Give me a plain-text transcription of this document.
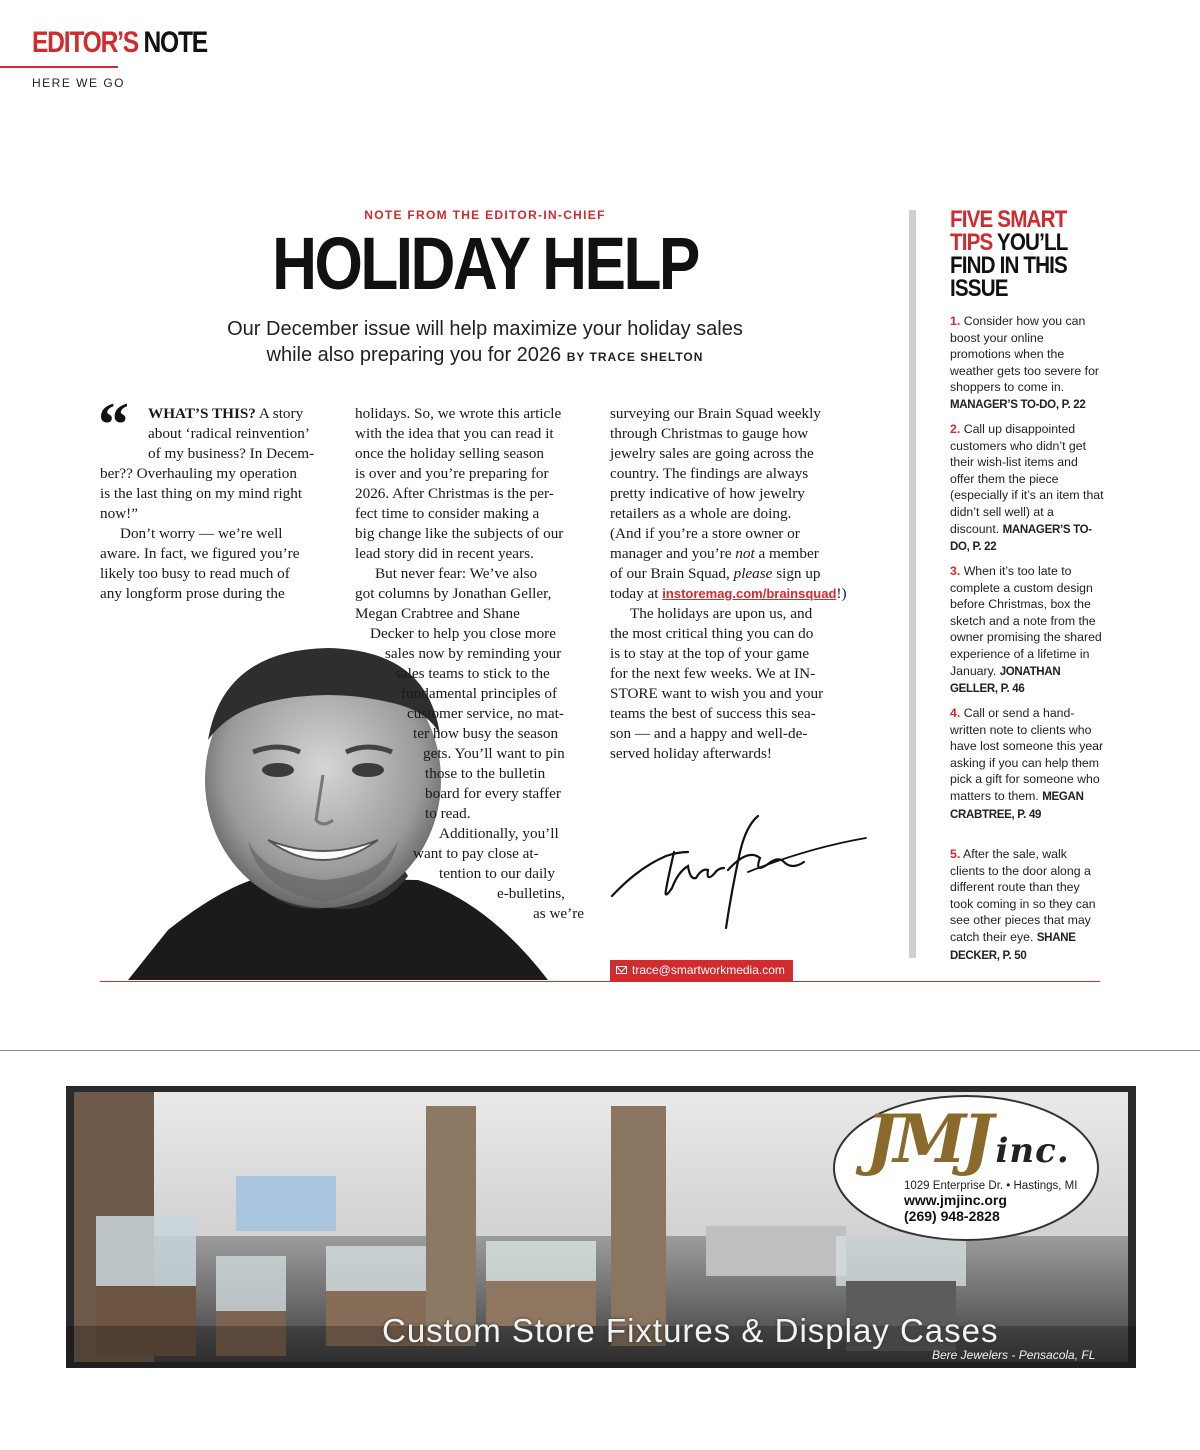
EDITOR’S NOTE
HERE WE GO
NOTE FROM THE EDITOR-IN-CHIEF
HOLIDAY HELP
Our December issue will help maximize your holiday sales
while also preparing you for 2026 BY TRACE SHELTON
“	WHAT’S THIS? A story

about ‘radical reinvention’

of my business? In Decem-

ber?? Overhauling my operation

is the last thing on my mind right

now!”

Don’t worry — we’re well

aware. In fact, we figured you’re

likely too busy to read much of

any longform prose during the

holidays. So, we wrote this article

with the idea that you can read it

once the holiday selling season

is over and you’re preparing for

2026. After Christmas is the per-

fect time to consider making a

big change like the subjects of our

lead story did in recent years.

But never fear: We’ve also

got columns by Jonathan Geller,

Megan Crabtree and Shane

Decker to help you close more

sales now by reminding your

sales teams to stick to the

fundamental principles of

customer service, no mat-

ter how busy the season

gets. You’ll want to pin

those to the bulletin

board for every staffer

to read.

Additionally, you’ll

want to pay close at-

tention to our daily

e-bulletins,

as we’re

surveying our Brain Squad weekly

through Christmas to gauge how

jewelry sales are going across the

country. The findings are always

pretty indicative of how jewelry

retailers as a whole are doing.

(And if you’re a store owner or

manager and you’re not a member

of our Brain Squad, please sign up

today at instoremag.com/brainsquad!)

The holidays are upon us, and

the most critical thing you can do

is to stay at the top of your game

for the next few weeks. We at IN-

STORE want to wish you and your

teams the best of success this sea-

son — and a happy and well-de-

served holiday afterwards!

trace@smartworkmedia.com
FIVE SMART TIPS YOU’LL FIND IN THIS ISSUE
1. Consider how you can boost your online promotions when the weather gets too severe for shoppers to come in. MANAGER’S TO-DO, P. 22
2. Call up disappointed customers who didn’t get their wish-list items and offer them the piece (especially if it’s an item that didn’t sell well) at a discount. MANAGER’S TO-DO, P. 22
3. When it’s too late to complete a custom design before Christmas, box the sketch and a note from the owner promising the shared experience of a lifetime in January. JONATHAN GELLER, P. 46
4. Call or send a hand-written note to clients who have lost someone this year asking if you can help them pick a gift for someone who matters to them. MEGAN CRABTREE, P. 49
5. After the sale, walk clients to the door along a different route than they took coming in so they can see other pieces that may catch their eye. SHANE DECKER, P. 50
JMJ inc.
1029 Enterprise Dr. • Hastings, MI
www.jmjinc.org
(269) 948-2828
Custom Store Fixtures & Display Cases
Bere Jewelers - Pensacola, FL
